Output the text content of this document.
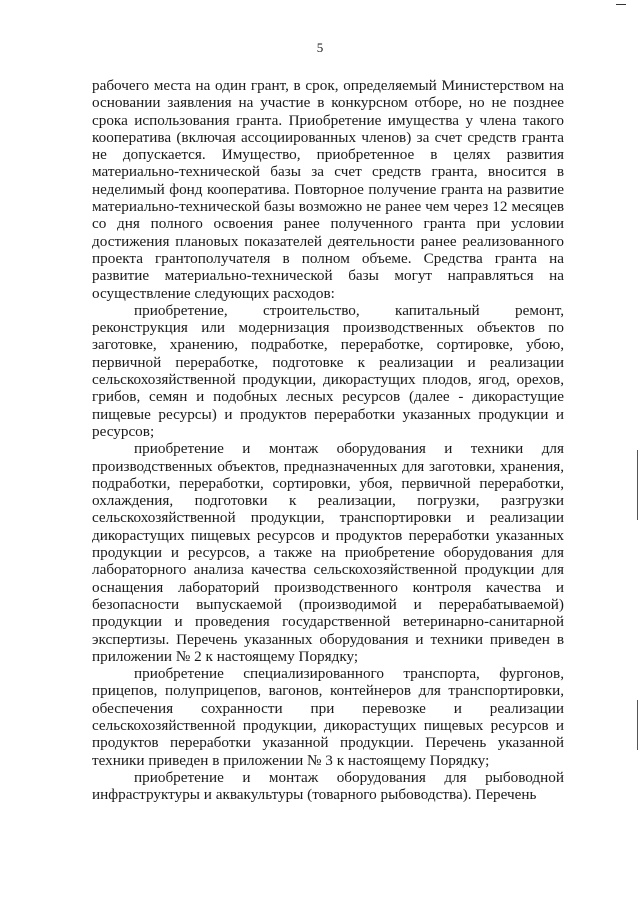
5

рабочего места на один грант, в срок, определяемый Министерством на основании заявления на участие в конкурсном отборе, но не позднее срока использования гранта. Приобретение имущества у члена такого кооператива (включая ассоциированных членов) за счет средств гранта не допускается. Имущество, приобретенное в целях развития материально-технической базы за счет средств гранта, вносится в неделимый фонд кооператива. Повторное получение гранта на развитие материально-технической базы возможно не ранее чем через 12 месяцев со дня полного освоения ранее полученного гранта при условии достижения плановых показателей деятельности ранее реализованного проекта грантополучателя в полном объеме. Средства гранта на развитие материально-технической базы могут направляться на осуществление следующих расходов:

приобретение, строительство, капитальный ремонт, реконструкция или модернизация производственных объектов по заготовке, хранению, подработке, переработке, сортировке, убою, первичной переработке, подготовке к реализации и реализации сельскохозяйственной продукции, дикорастущих плодов, ягод, орехов, грибов, семян и подобных лесных ресурсов (далее - дикорастущие пищевые ресурсы) и продуктов переработки указанных продукции и ресурсов;

приобретение и монтаж оборудования и техники для производственных объектов, предназначенных для заготовки, хранения, подработки, переработки, сортировки, убоя, первичной переработки, охлаждения, подготовки к реализации, погрузки, разгрузки сельскохозяйственной продукции, транспортировки и реализации дикорастущих пищевых ресурсов и продуктов переработки указанных продукции и ресурсов, а также на приобретение оборудования для лабораторного анализа качества сельскохозяйственной продукции для оснащения лабораторий производственного контроля качества и безопасности выпускаемой (производимой и перерабатываемой) продукции и проведения государственной ветеринарно-санитарной экспертизы. Перечень указанных оборудования и техники приведен в приложении № 2 к настоящему Порядку;

приобретение специализированного транспорта, фургонов, прицепов, полуприцепов, вагонов, контейнеров для транспортировки, обеспечения сохранности при перевозке и реализации сельскохозяйственной продукции, дикорастущих пищевых ресурсов и продуктов переработки указанной продукции. Перечень указанной техники приведен в приложении № 3 к настоящему Порядку;

приобретение и монтаж оборудования для рыбоводной инфраструктуры и аквакультуры (товарного рыбоводства). Перечень
